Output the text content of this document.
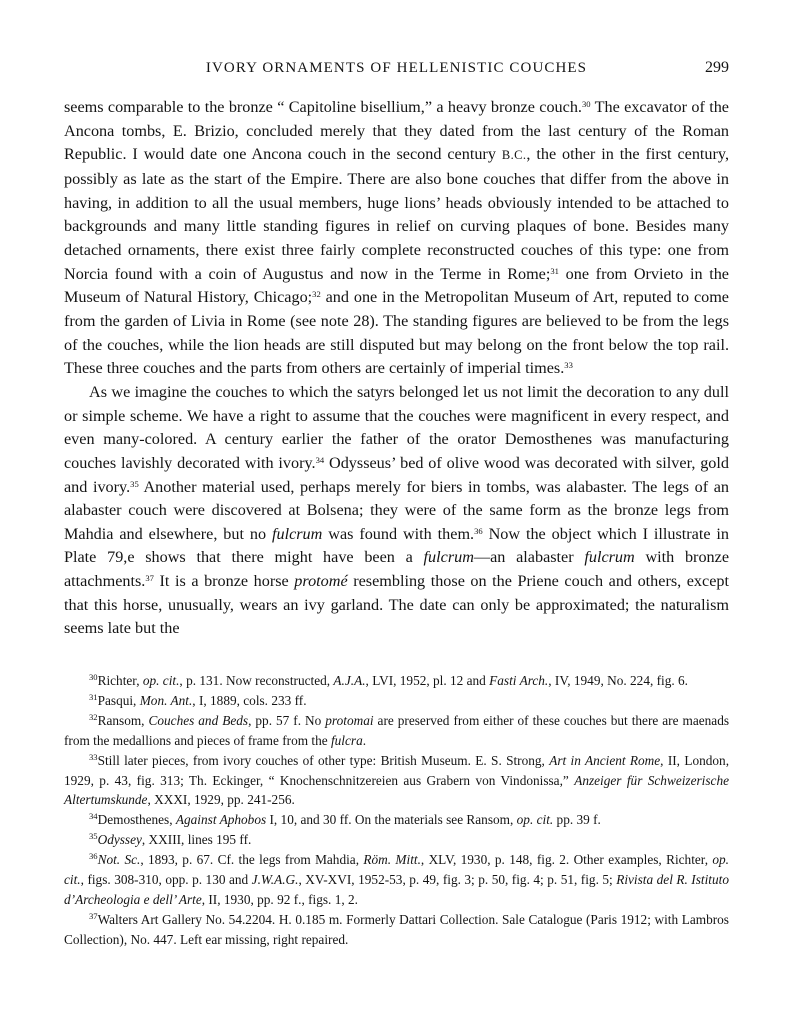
IVORY ORNAMENTS OF HELLENISTIC COUCHES	299

seems comparable to the bronze “ Capitoline bisellium,” a heavy bronze couch.$^{30}$ The excavator of the Ancona tombs, E. Brizio, concluded merely that they dated from the last century of the Roman Republic. I would date one Ancona couch in the second century B.C., the other in the first century, possibly as late as the start of the Empire. There are also bone couches that differ from the above in having, in addition to all the usual members, huge lions’ heads obviously intended to be attached to backgrounds and many little standing figures in relief on curving plaques of bone. Besides many detached ornaments, there exist three fairly complete reconstructed couches of this type: one from Norcia found with a coin of Augustus and now in the Terme in Rome;$^{31}$ one from Orvieto in the Museum of Natural History, Chicago;$^{32}$ and one in the Metropolitan Museum of Art, reputed to come from the garden of Livia in Rome (see note 28). The standing figures are believed to be from the legs of the couches, while the lion heads are still disputed but may belong on the front below the top rail. These three couches and the parts from others are certainly of imperial times.$^{33}$

As we imagine the couches to which the satyrs belonged let us not limit the decoration to any dull or simple scheme. We have a right to assume that the couches were magnificent in every respect, and even many-colored. A century earlier the father of the orator Demosthenes was manufacturing couches lavishly decorated with ivory.$^{34}$ Odysseus’ bed of olive wood was decorated with silver, gold and ivory.$^{35}$ Another material used, perhaps merely for biers in tombs, was alabaster. The legs of an alabaster couch were discovered at Bolsena; they were of the same form as the bronze legs from Mahdia and elsewhere, but no fulcrum was found with them.$^{36}$ Now the object which I illustrate in Plate 79,e shows that there might have been a fulcrum—an alabaster fulcrum with bronze attachments.$^{37}$ It is a bronze horse protomé resembling those on the Priene couch and others, except that this horse, unusually, wears an ivy garland. The date can only be approximated; the naturalism seems late but the

$^{30}$Richter, op. cit., p. 131. Now reconstructed, A.J.A., LVI, 1952, pl. 12 and Fasti Arch., IV, 1949, No. 224, fig. 6.

$^{31}$Pasqui, Mon. Ant., I, 1889, cols. 233 ff.

$^{32}$Ransom, Couches and Beds, pp. 57 f. No protomai are preserved from either of these couches but there are maenads from the medallions and pieces of frame from the fulcra.

$^{33}$Still later pieces, from ivory couches of other type: British Museum. E. S. Strong, Art in Ancient Rome, II, London, 1929, p. 43, fig. 313; Th. Eckinger, “ Knochenschnitzereien aus Grabern von Vindonissa,” Anzeiger für Schweizerische Altertumskunde, XXXI, 1929, pp. 241-256.

$^{34}$Demosthenes, Against Aphobos I, 10, and 30 ff. On the materials see Ransom, op. cit. pp. 39 f.

$^{35}$Odyssey, XXIII, lines 195 ff.

$^{36}$Not. Sc., 1893, p. 67. Cf. the legs from Mahdia, Röm. Mitt., XLV, 1930, p. 148, fig. 2. Other examples, Richter, op. cit., figs. 308-310, opp. p. 130 and J.W.A.G., XV-XVI, 1952-53, p. 49, fig. 3; p. 50, fig. 4; p. 51, fig. 5; Rivista del R. Istituto d’Archeologia e dell’ Arte, II, 1930, pp. 92 f., figs. 1, 2.

$^{37}$Walters Art Gallery No. 54.2204. H. 0.185 m. Formerly Dattari Collection. Sale Catalogue (Paris 1912; with Lambros Collection), No. 447. Left ear missing, right repaired.
